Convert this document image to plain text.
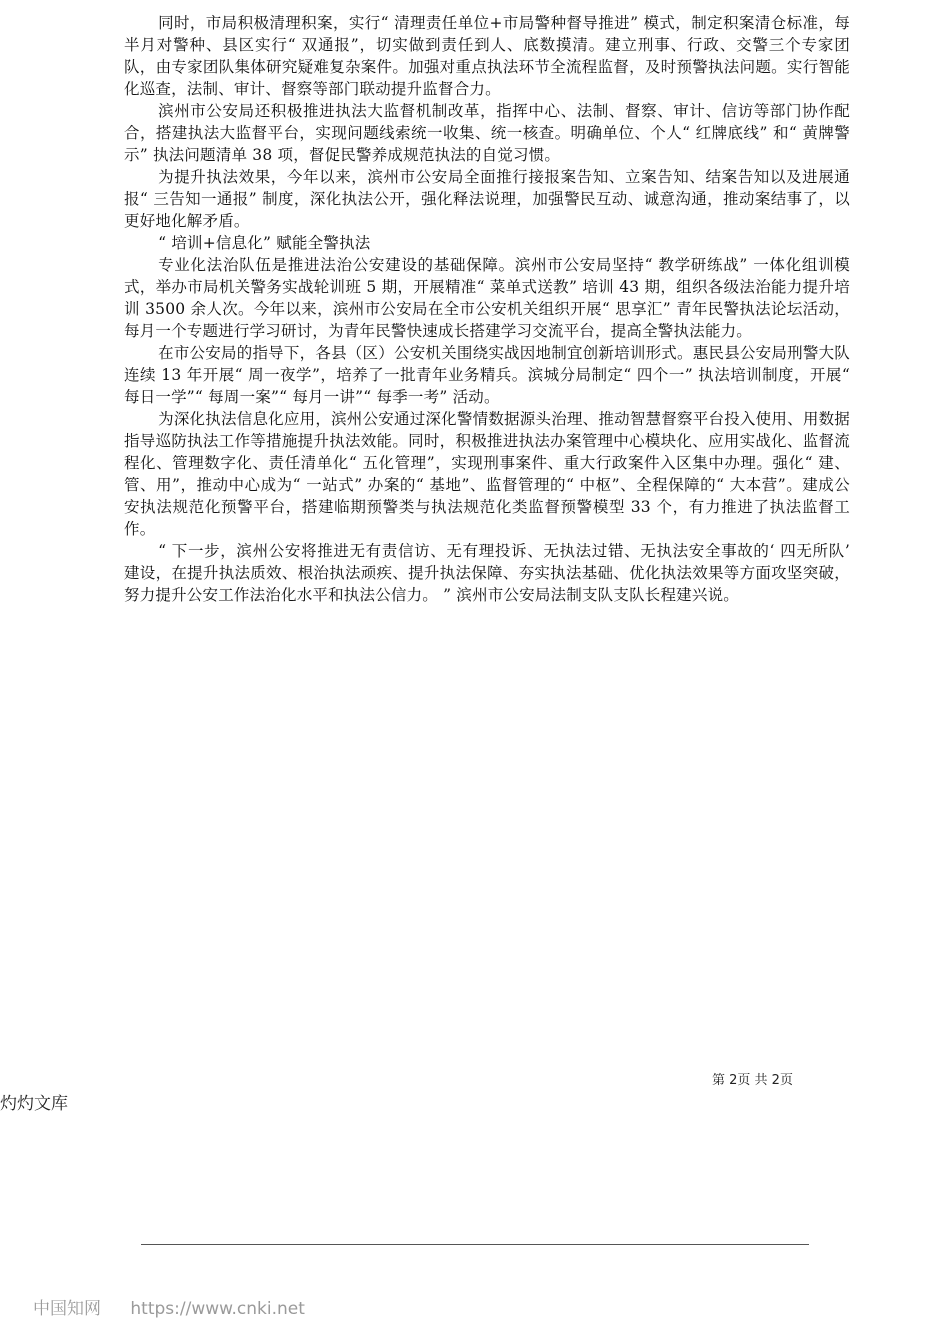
同时，市局积极清理积案，实行“ 清理责任单位+市局警种督导推进” 模式，制定积案清仓标准，每半月对警种、县区实行“ 双通报”，切实做到责任到人、底数摸清。建立刑事、行政、交警三个专家团队，由专家团队集体研究疑难复杂案件。加强对重点执法环节全流程监督，及时预警执法问题。实行智能化巡查，法制、审计、督察等部门联动提升监督合力。

滨州市公安局还积极推进执法大监督机制改革，指挥中心、法制、督察、审计、信访等部门协作配合，搭建执法大监督平台，实现问题线索统一收集、统一核查。明确单位、个人“ 红牌底线” 和“ 黄牌警示” 执法问题清单 38 项，督促民警养成规范执法的自觉习惯。

为提升执法效果，今年以来，滨州市公安局全面推行接报案告知、立案告知、结案告知以及进展通报“ 三告知一通报” 制度，深化执法公开，强化释法说理，加强警民互动、诚意沟通，推动案结事了，以更好地化解矛盾。

“ 培训+信息化” 赋能全警执法

专业化法治队伍是推进法治公安建设的基础保障。滨州市公安局坚持“ 教学研练战” 一体化组训模式，举办市局机关警务实战轮训班 5 期，开展精准“ 菜单式送教” 培训 43 期，组织各级法治能力提升培训 3500 余人次。今年以来，滨州市公安局在全市公安机关组织开展“ 思享汇” 青年民警执法论坛活动，每月一个专题进行学习研讨，为青年民警快速成长搭建学习交流平台，提高全警执法能力。

在市公安局的指导下，各县（区）公安机关围绕实战因地制宜创新培训形式。惠民县公安局刑警大队连续 13 年开展“ 周一夜学”，培养了一批青年业务精兵。滨城分局制定“ 四个一” 执法培训制度，开展“ 每日一学”“ 每周一案”“ 每月一讲”“ 每季一考” 活动。

为深化执法信息化应用，滨州公安通过深化警情数据源头治理、推动智慧督察平台投入使用、用数据指导巡防执法工作等措施提升执法效能。同时，积极推进执法办案管理中心模块化、应用实战化、监督流程化、管理数字化、责任清单化“ 五化管理”，实现刑事案件、重大行政案件入区集中办理。强化“ 建、管、用”，推动中心成为“ 一站式” 办案的“ 基地”、监督管理的“ 中枢”、全程保障的“ 大本营”。建成公安执法规范化预警平台，搭建临期预警类与执法规范化类监督预警模型 33 个，有力推进了执法监督工作。

“ 下一步，滨州公安将推进无有责信访、无有理投诉、无执法过错、无执法安全事故的‘ 四无所队’ 建设，在提升执法质效、根治执法顽疾、提升执法保障、夯实执法基础、优化执法效果等方面攻坚突破，努力提升公安工作法治化水平和执法公信力。 ” 滨州市公安局法制支队支队长程建兴说。

第 2页 共 2页
灼灼文库
中国知网 https://www.cnki.net
